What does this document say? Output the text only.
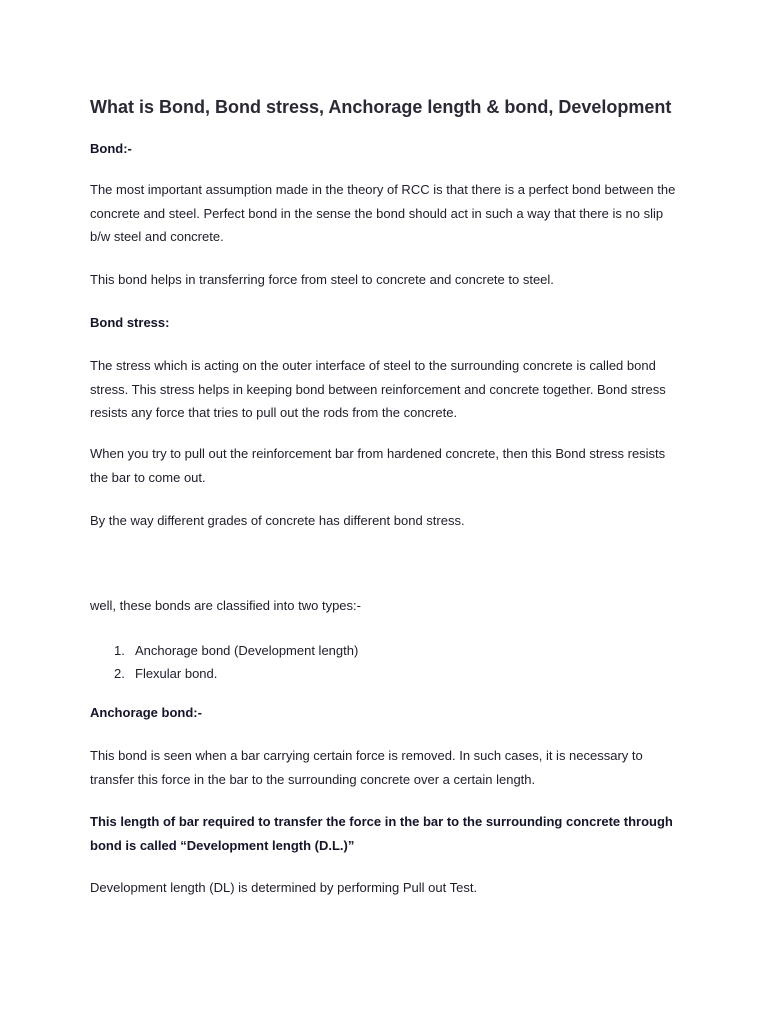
What is Bond, Bond stress, Anchorage length & bond, Development
Bond:-

The most important assumption made in the theory of RCC is that there is a perfect bond between the concrete and steel. Perfect bond in the sense the bond should act in such a way that there is no slip b/w steel and concrete.

This bond helps in transferring force from steel to concrete and concrete to steel.

Bond stress:

The stress which is acting on the outer interface of steel to the surrounding concrete is called bond stress. This stress helps in keeping bond between reinforcement and concrete together. Bond stress resists any force that tries to pull out the rods from the concrete.

When you try to pull out the reinforcement bar from hardened concrete, then this Bond stress resists the bar to come out.

By the way different grades of concrete has different bond stress.

well, these bonds are classified into two types:-

1. Anchorage bond (Development length)
2. Flexular bond.
Anchorage bond:-

This bond is seen when a bar carrying certain force is removed. In such cases, it is necessary to transfer this force in the bar to the surrounding concrete over a certain length.

This length of bar required to transfer the force in the bar to the surrounding concrete through bond is called “Development length (D.L.)”

Development length (DL) is determined by performing Pull out Test.
